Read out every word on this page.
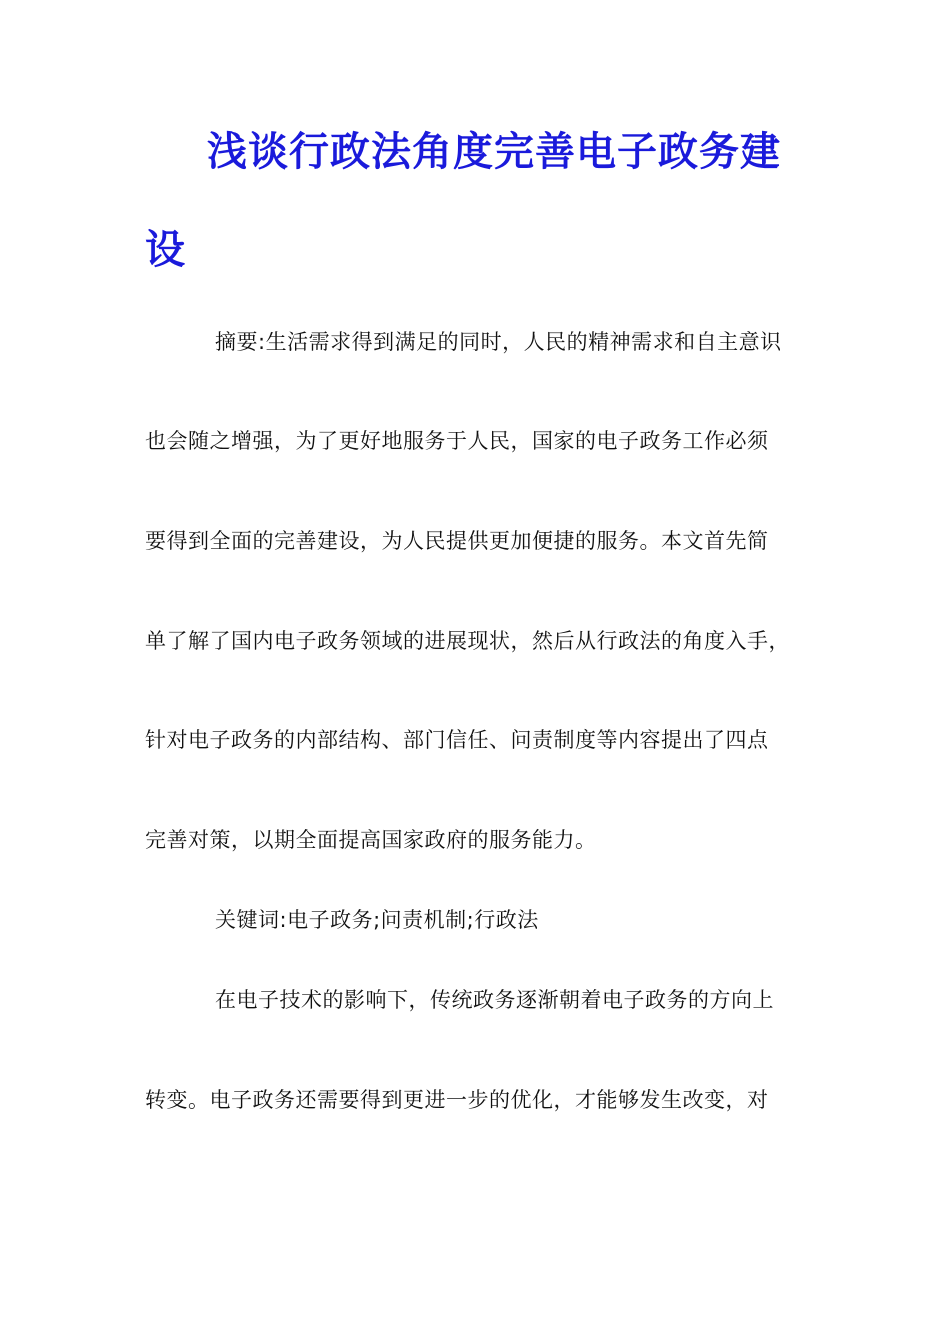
浅谈行政法角度完善电子政务建
设
摘要:生活需求得到满足的同时，人民的精神需求和自主意识
也会随之增强，为了更好地服务于人民，国家的电子政务工作必须
要得到全面的完善建设，为人民提供更加便捷的服务。本文首先简
单了解了国内电子政务领域的进展现状，然后从行政法的角度入手，
针对电子政务的内部结构、部门信任、问责制度等内容提出了四点
完善对策，以期全面提高国家政府的服务能力。
关键词:电子政务;问责机制;行政法
在电子技术的影响下，传统政务逐渐朝着电子政务的方向上
转变。电子政务还需要得到更进一步的优化，才能够发生改变，对
